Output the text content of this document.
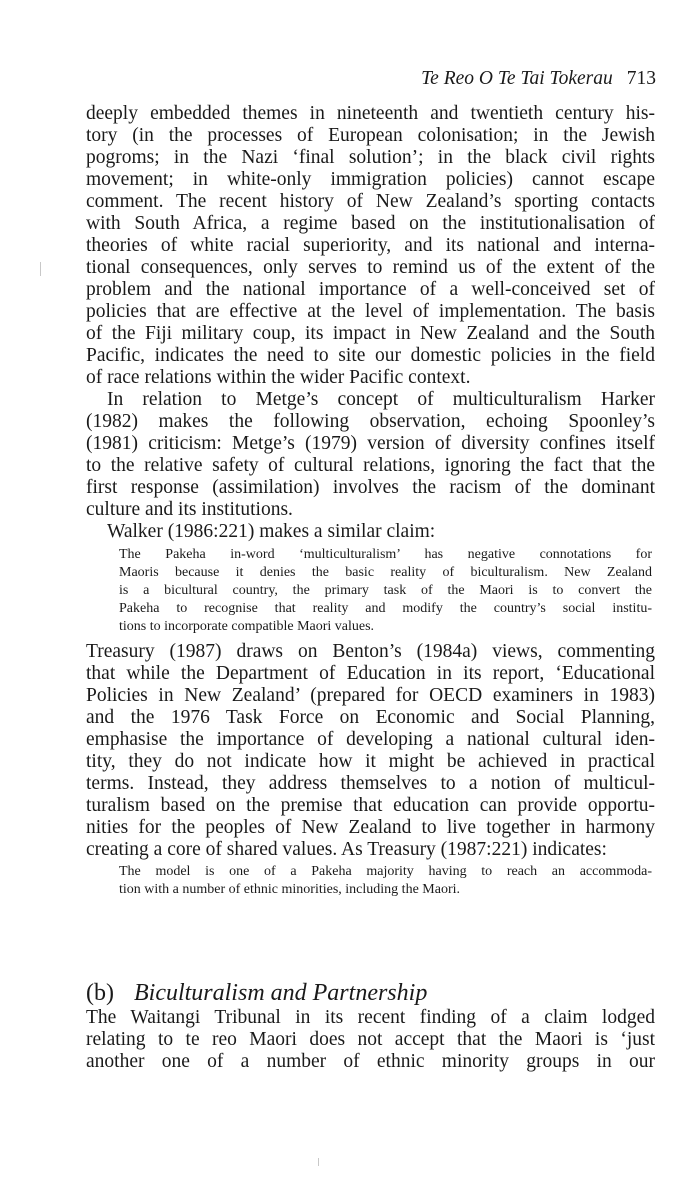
Te Reo O Te Tai Tokerau 713
deeply embedded themes in nineteenth and twentieth century his-
tory (in the processes of European colonisation; in the Jewish
pogroms; in the Nazi ‘final solution’; in the black civil rights
movement; in white-only immigration policies) cannot escape
comment. The recent history of New Zealand’s sporting contacts
with South Africa, a regime based on the institutionalisation of
theories of white racial superiority, and its national and interna-
tional consequences, only serves to remind us of the extent of the
problem and the national importance of a well-conceived set of
policies that are effective at the level of implementation. The basis
of the Fiji military coup, its impact in New Zealand and the South
Pacific, indicates the need to site our domestic policies in the field
of race relations within the wider Pacific context.
In relation to Metge’s concept of multiculturalism Harker
(1982) makes the following observation, echoing Spoonley’s
(1981) criticism: Metge’s (1979) version of diversity confines itself
to the relative safety of cultural relations, ignoring the fact that the
first response (assimilation) involves the racism of the dominant
culture and its institutions.
Walker (1986:221) makes a similar claim:
The Pakeha in-word ‘multiculturalism’ has negative connotations for
Maoris because it denies the basic reality of biculturalism. New Zealand
is a bicultural country, the primary task of the Maori is to convert the
Pakeha to recognise that reality and modify the country’s social institu-
tions to incorporate compatible Maori values.
Treasury (1987) draws on Benton’s (1984a) views, commenting
that while the Department of Education in its report, ‘Educational
Policies in New Zealand’ (prepared for OECD examiners in 1983)
and the 1976 Task Force on Economic and Social Planning,
emphasise the importance of developing a national cultural iden-
tity, they do not indicate how it might be achieved in practical
terms. Instead, they address themselves to a notion of multicul-
turalism based on the premise that education can provide opportu-
nities for the peoples of New Zealand to live together in harmony
creating a core of shared values. As Treasury (1987:221) indicates:
The model is one of a Pakeha majority having to reach an accommoda-
tion with a number of ethnic minorities, including the Maori.
(b) Biculturalism and Partnership
The Waitangi Tribunal in its recent finding of a claim lodged
relating to te reo Maori does not accept that the Maori is ‘just
another one of a number of ethnic minority groups in our
